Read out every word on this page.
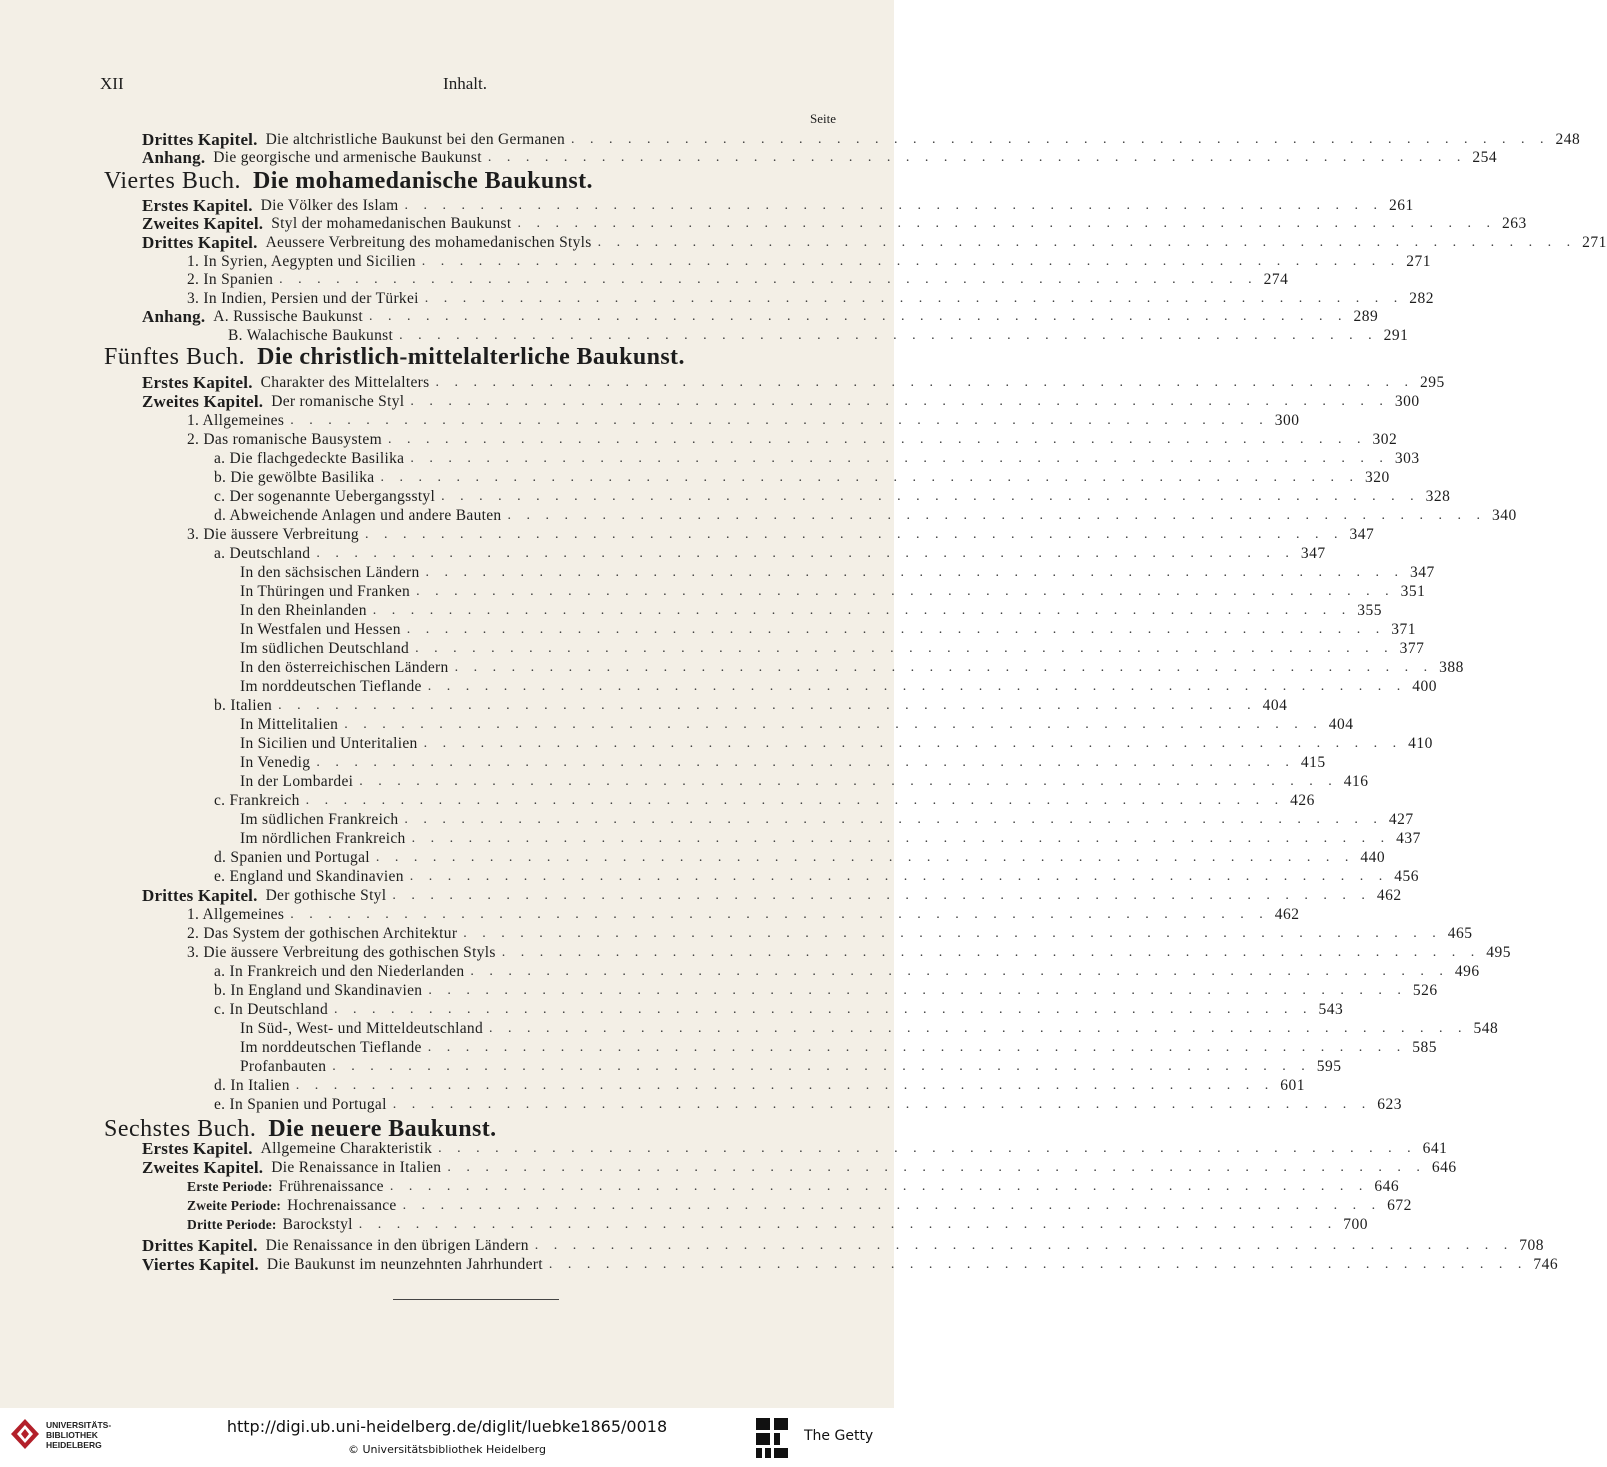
XII	Inhalt.
Seite
Viertes Buch. Die mohamedanische Baukunst.
Fünftes Buch. Die christlich-mittelalterliche Baukunst.
Sechstes Buch. Die neuere Baukunst.
Drittes Kapitel. Die altchristliche Baukunst bei den Germanen . . . . . . . . . . . . . . . . . . . . . . . . . . . . . . . . . . . . . . . . . . . . . . . . . . . . 248
Anhang. Die georgische und armenische Baukunst . . . . . . . . . . . . . . . . . . . . . . . . . . . . . . . . . . . . . . . . . . . . . . . . . . . . 254
Erstes Kapitel. Die Völker des Islam . . . . . . . . . . . . . . . . . . . . . . . . . . . . . . . . . . . . . . . . . . . . . . . . . . . . 261
Zweites Kapitel. Styl der mohamedanischen Baukunst . . . . . . . . . . . . . . . . . . . . . . . . . . . . . . . . . . . . . . . . . . . . . . . . . . . . 263
Drittes Kapitel. Aeussere Verbreitung des mohamedanischen Styls . . . . . . . . . . . . . . . . . . . . . . . . . . . . . . . . . . . . . . . . . . . . . . . . . . . . 271
1. In Syrien, Aegypten und Sicilien . . . . . . . . . . . . . . . . . . . . . . . . . . . . . . . . . . . . . . . . . . . . . . . . . . . . 271
2. In Spanien . . . . . . . . . . . . . . . . . . . . . . . . . . . . . . . . . . . . . . . . . . . . . . . . . . . . 274
3. In Indien, Persien und der Türkei . . . . . . . . . . . . . . . . . . . . . . . . . . . . . . . . . . . . . . . . . . . . . . . . . . . . 282
Anhang. A. Russische Baukunst . . . . . . . . . . . . . . . . . . . . . . . . . . . . . . . . . . . . . . . . . . . . . . . . . . . . 289
B. Walachische Baukunst . . . . . . . . . . . . . . . . . . . . . . . . . . . . . . . . . . . . . . . . . . . . . . . . . . . . 291
Erstes Kapitel. Charakter des Mittelalters . . . . . . . . . . . . . . . . . . . . . . . . . . . . . . . . . . . . . . . . . . . . . . . . . . . . 295
Zweites Kapitel. Der romanische Styl . . . . . . . . . . . . . . . . . . . . . . . . . . . . . . . . . . . . . . . . . . . . . . . . . . . . 300
1. Allgemeines . . . . . . . . . . . . . . . . . . . . . . . . . . . . . . . . . . . . . . . . . . . . . . . . . . . . 300
2. Das romanische Bausystem . . . . . . . . . . . . . . . . . . . . . . . . . . . . . . . . . . . . . . . . . . . . . . . . . . . . 302
a. Die flachgedeckte Basilika . . . . . . . . . . . . . . . . . . . . . . . . . . . . . . . . . . . . . . . . . . . . . . . . . . . . 303
b. Die gewölbte Basilika . . . . . . . . . . . . . . . . . . . . . . . . . . . . . . . . . . . . . . . . . . . . . . . . . . . . 320
c. Der sogenannte Uebergangsstyl . . . . . . . . . . . . . . . . . . . . . . . . . . . . . . . . . . . . . . . . . . . . . . . . . . . . 328
d. Abweichende Anlagen und andere Bauten . . . . . . . . . . . . . . . . . . . . . . . . . . . . . . . . . . . . . . . . . . . . . . . . . . . . 340
3. Die äussere Verbreitung . . . . . . . . . . . . . . . . . . . . . . . . . . . . . . . . . . . . . . . . . . . . . . . . . . . . 347
a. Deutschland . . . . . . . . . . . . . . . . . . . . . . . . . . . . . . . . . . . . . . . . . . . . . . . . . . . . 347
In den sächsischen Ländern . . . . . . . . . . . . . . . . . . . . . . . . . . . . . . . . . . . . . . . . . . . . . . . . . . . . 347
In Thüringen und Franken . . . . . . . . . . . . . . . . . . . . . . . . . . . . . . . . . . . . . . . . . . . . . . . . . . . . 351
In den Rheinlanden . . . . . . . . . . . . . . . . . . . . . . . . . . . . . . . . . . . . . . . . . . . . . . . . . . . . 355
In Westfalen und Hessen . . . . . . . . . . . . . . . . . . . . . . . . . . . . . . . . . . . . . . . . . . . . . . . . . . . . 371
Im südlichen Deutschland . . . . . . . . . . . . . . . . . . . . . . . . . . . . . . . . . . . . . . . . . . . . . . . . . . . . 377
In den österreichischen Ländern . . . . . . . . . . . . . . . . . . . . . . . . . . . . . . . . . . . . . . . . . . . . . . . . . . . . 388
Im norddeutschen Tieflande . . . . . . . . . . . . . . . . . . . . . . . . . . . . . . . . . . . . . . . . . . . . . . . . . . . . 400
b. Italien . . . . . . . . . . . . . . . . . . . . . . . . . . . . . . . . . . . . . . . . . . . . . . . . . . . . 404
In Mittelitalien . . . . . . . . . . . . . . . . . . . . . . . . . . . . . . . . . . . . . . . . . . . . . . . . . . . . 404
In Sicilien und Unteritalien . . . . . . . . . . . . . . . . . . . . . . . . . . . . . . . . . . . . . . . . . . . . . . . . . . . . 410
In Venedig . . . . . . . . . . . . . . . . . . . . . . . . . . . . . . . . . . . . . . . . . . . . . . . . . . . . 415
In der Lombardei . . . . . . . . . . . . . . . . . . . . . . . . . . . . . . . . . . . . . . . . . . . . . . . . . . . . 416
c. Frankreich . . . . . . . . . . . . . . . . . . . . . . . . . . . . . . . . . . . . . . . . . . . . . . . . . . . . 426
Im südlichen Frankreich . . . . . . . . . . . . . . . . . . . . . . . . . . . . . . . . . . . . . . . . . . . . . . . . . . . . 427
Im nördlichen Frankreich . . . . . . . . . . . . . . . . . . . . . . . . . . . . . . . . . . . . . . . . . . . . . . . . . . . . 437
d. Spanien und Portugal . . . . . . . . . . . . . . . . . . . . . . . . . . . . . . . . . . . . . . . . . . . . . . . . . . . . 440
e. England und Skandinavien . . . . . . . . . . . . . . . . . . . . . . . . . . . . . . . . . . . . . . . . . . . . . . . . . . . . 456
Drittes Kapitel. Der gothische Styl . . . . . . . . . . . . . . . . . . . . . . . . . . . . . . . . . . . . . . . . . . . . . . . . . . . . 462
1. Allgemeines . . . . . . . . . . . . . . . . . . . . . . . . . . . . . . . . . . . . . . . . . . . . . . . . . . . . 462
2. Das System der gothischen Architektur . . . . . . . . . . . . . . . . . . . . . . . . . . . . . . . . . . . . . . . . . . . . . . . . . . . . 465
3. Die äussere Verbreitung des gothischen Styls . . . . . . . . . . . . . . . . . . . . . . . . . . . . . . . . . . . . . . . . . . . . . . . . . . . . 495
a. In Frankreich und den Niederlanden . . . . . . . . . . . . . . . . . . . . . . . . . . . . . . . . . . . . . . . . . . . . . . . . . . . . 496
b. In England und Skandinavien . . . . . . . . . . . . . . . . . . . . . . . . . . . . . . . . . . . . . . . . . . . . . . . . . . . . 526
c. In Deutschland . . . . . . . . . . . . . . . . . . . . . . . . . . . . . . . . . . . . . . . . . . . . . . . . . . . . 543
In Süd-, West- und Mitteldeutschland . . . . . . . . . . . . . . . . . . . . . . . . . . . . . . . . . . . . . . . . . . . . . . . . . . . . 548
Im norddeutschen Tieflande . . . . . . . . . . . . . . . . . . . . . . . . . . . . . . . . . . . . . . . . . . . . . . . . . . . . 585
Profanbauten . . . . . . . . . . . . . . . . . . . . . . . . . . . . . . . . . . . . . . . . . . . . . . . . . . . . 595
d. In Italien . . . . . . . . . . . . . . . . . . . . . . . . . . . . . . . . . . . . . . . . . . . . . . . . . . . . 601
e. In Spanien und Portugal . . . . . . . . . . . . . . . . . . . . . . . . . . . . . . . . . . . . . . . . . . . . . . . . . . . . 623
Erstes Kapitel. Allgemeine Charakteristik . . . . . . . . . . . . . . . . . . . . . . . . . . . . . . . . . . . . . . . . . . . . . . . . . . . . 641
Zweites Kapitel. Die Renaissance in Italien . . . . . . . . . . . . . . . . . . . . . . . . . . . . . . . . . . . . . . . . . . . . . . . . . . . . 646
Erste Periode: Frührenaissance . . . . . . . . . . . . . . . . . . . . . . . . . . . . . . . . . . . . . . . . . . . . . . . . . . . . 646
Zweite Periode: Hochrenaissance . . . . . . . . . . . . . . . . . . . . . . . . . . . . . . . . . . . . . . . . . . . . . . . . . . . . 672
Dritte Periode: Barockstyl . . . . . . . . . . . . . . . . . . . . . . . . . . . . . . . . . . . . . . . . . . . . . . . . . . . . 700
Drittes Kapitel. Die Renaissance in den übrigen Ländern . . . . . . . . . . . . . . . . . . . . . . . . . . . . . . . . . . . . . . . . . . . . . . . . . . . . 708
Viertes Kapitel. Die Baukunst im neunzehnten Jahrhundert . . . . . . . . . . . . . . . . . . . . . . . . . . . . . . . . . . . . . . . . . . . . . . . . . . . . 746
UNIVERSITÄTS-
BIBLIOTHEK
HEIDELBERG
http://digi.ub.uni-heidelberg.de/diglit/luebke1865/0018
© Universitätsbibliothek Heidelberg
The Getty
